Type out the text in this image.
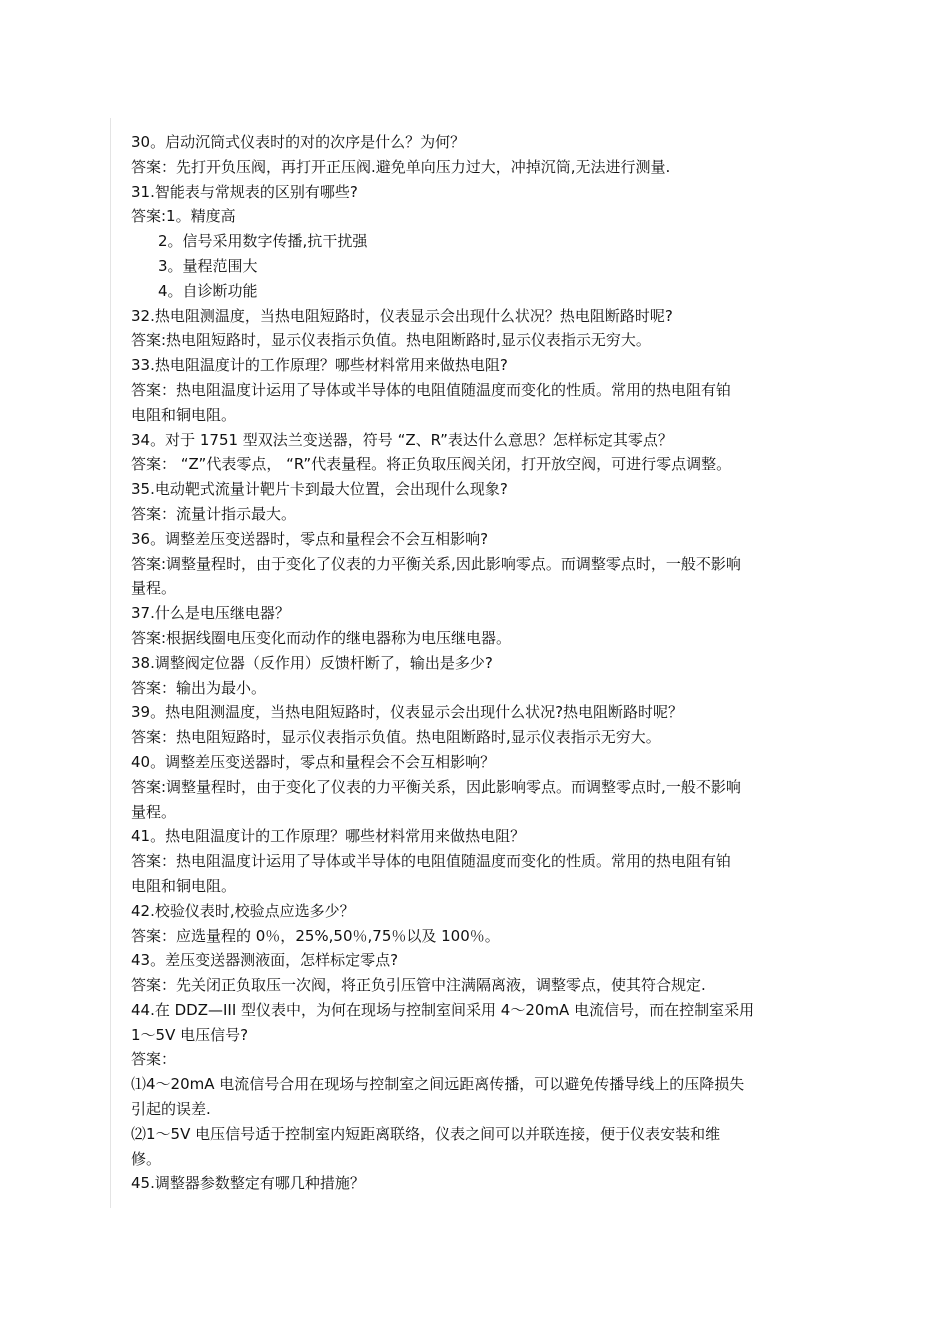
30。启动沉筒式仪表时的对的次序是什么？为何？
答案：先打开负压阀，再打开正压阀.避免单向压力过大，冲掉沉筒,无法进行测量.
31.智能表与常规表的区别有哪些?
答案:1。精度高
2。信号采用数字传播,抗干扰强
3。量程范围大
4。自诊断功能
32.热电阻测温度，当热电阻短路时，仪表显示会出现什么状况？热电阻断路时呢?
答案:热电阻短路时，显示仪表指示负值。热电阻断路时,显示仪表指示无穷大。
33.热电阻温度计的工作原理？哪些材料常用来做热电阻?
答案：热电阻温度计运用了导体或半导体的电阻值随温度而变化的性质。常用的热电阻有铂
电阻和铜电阻。
34。对于 1751 型双法兰变送器，符号 “Z、R”表达什么意思？怎样标定其零点？
答案： “Z”代表零点， “R”代表量程。将正负取压阀关闭，打开放空阀，可进行零点调整。
35.电动靶式流量计靶片卡到最大位置，会出现什么现象?
答案：流量计指示最大。
36。调整差压变送器时，零点和量程会不会互相影响?
答案:调整量程时，由于变化了仪表的力平衡关系,因此影响零点。而调整零点时，一般不影响
量程。
37.什么是电压继电器？
答案:根据线圈电压变化而动作的继电器称为电压继电器。
38.调整阀定位器（反作用）反馈杆断了，输出是多少?
答案：输出为最小。
39。热电阻测温度，当热电阻短路时，仪表显示会出现什么状况?热电阻断路时呢？
答案：热电阻短路时，显示仪表指示负值。热电阻断路时,显示仪表指示无穷大。
40。调整差压变送器时，零点和量程会不会互相影响？
答案:调整量程时，由于变化了仪表的力平衡关系，因此影响零点。而调整零点时,一般不影响
量程。
41。热电阻温度计的工作原理？哪些材料常用来做热电阻？
答案：热电阻温度计运用了导体或半导体的电阻值随温度而变化的性质。常用的热电阻有铂
电阻和铜电阻。
42.校验仪表时,校验点应选多少？
答案：应选量程的 0％，25%,50％,75％以及 100％。
43。差压变送器测液面，怎样标定零点?
答案：先关闭正负取压一次阀，将正负引压管中注满隔离液，调整零点，使其符合规定.
44.在 DDZ—III 型仪表中，为何在现场与控制室间采用 4～20mA 电流信号，而在控制室采用
1～5V 电压信号?
答案：
⑴4～20mA 电流信号合用在现场与控制室之间远距离传播，可以避免传播导线上的压降损失
引起的误差.
⑵1～5V 电压信号适于控制室内短距离联络，仪表之间可以并联连接，便于仪表安装和维
修。
45.调整器参数整定有哪几种措施？
